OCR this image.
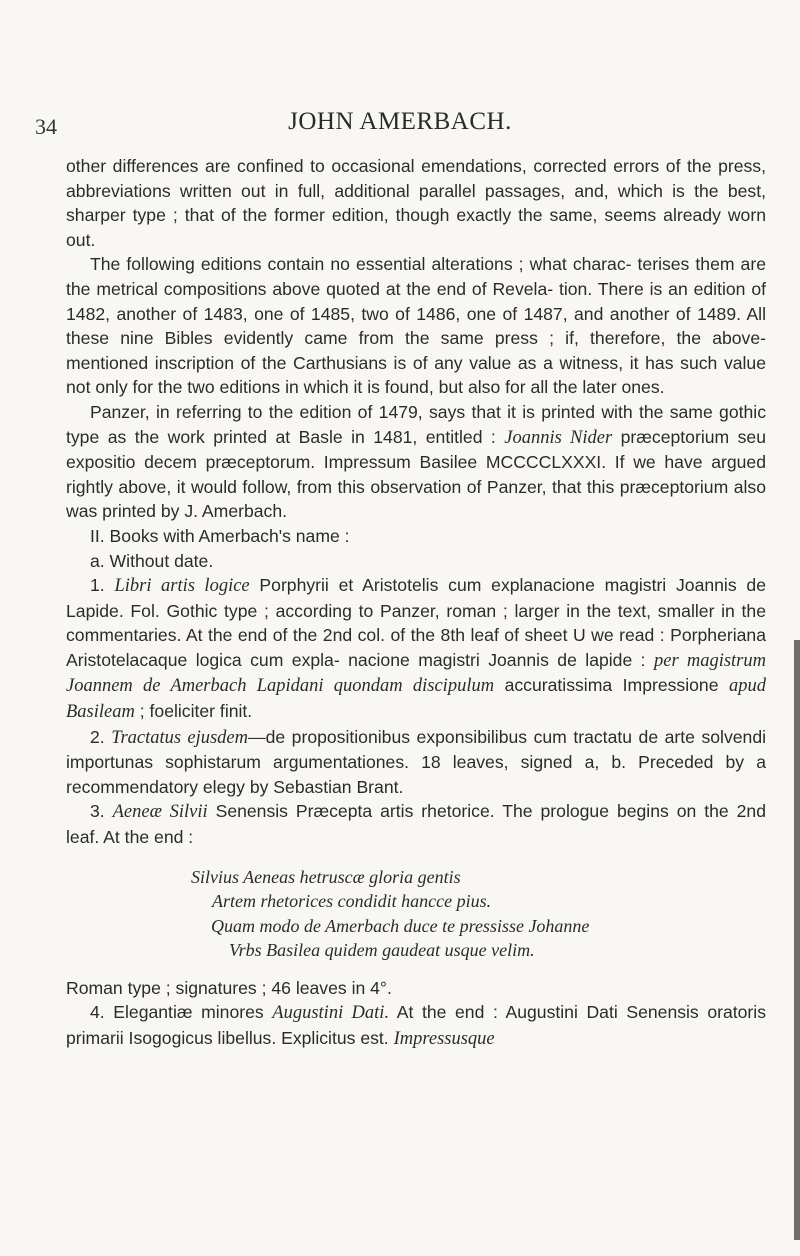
34	JOHN AMERBACH.

other differences are confined to occasional emendations, corrected errors of the press, abbreviations written out in full, additional parallel passages, and, which is the best, sharper type ; that of the former edition, though exactly the same, seems already worn out.

The following editions contain no essential alterations ; what charac- terises them are the metrical compositions above quoted at the end of Revela- tion. There is an edition of 1482, another of 1483, one of 1485, two of 1486, one of 1487, and another of 1489. All these nine Bibles evidently came from the same press ; if, therefore, the above-mentioned inscription of the Carthusians is of any value as a witness, it has such value not only for the two editions in which it is found, but also for all the later ones.

Panzer, in referring to the edition of 1479, says that it is printed with the same gothic type as the work printed at Basle in 1481, entitled : Joannis Nider præceptorium seu expositio decem præceptorum. Impressum Basilee MCCCCLXXXI. If we have argued rightly above, it would follow, from this observation of Panzer, that this præceptorium also was printed by J. Amerbach.

II. Books with Amerbach's name :

a. Without date.

1. Libri artis logice Porphyrii et Aristotelis cum explanacione magistri Joannis de Lapide. Fol. Gothic type ; according to Panzer, roman ; larger in the text, smaller in the commentaries. At the end of the 2nd col. of the 8th leaf of sheet U we read : Porpheriana Aristotelacaque logica cum expla- nacione magistri Joannis de lapide : per magistrum Joannem de Amerbach Lapidani quondam discipulum accuratissima Impressione apud Basileam ; foeliciter finit.

2. Tractatus ejusdem—de propositionibus exponsibilibus cum tractatu de arte solvendi importunas sophistarum argumentationes. 18 leaves, signed a, b. Preceded by a recommendatory elegy by Sebastian Brant.

3. Aeneæ Silvii Senensis Præcepta artis rhetorice. The prologue begins on the 2nd leaf. At the end :

Silvius Aeneas hetruscæ gloria gentis
Artem rhetorices condidit hancce pius.
Quam modo de Amerbach duce te pressisse Johanne
Vrbs Basilea quidem gaudeat usque velim.

Roman type ; signatures ; 46 leaves in 4°.

4. Elegantiæ minores Augustini Dati. At the end : Augustini Dati Senensis oratoris primarii Isogogicus libellus. Explicitus est. Impressusque
